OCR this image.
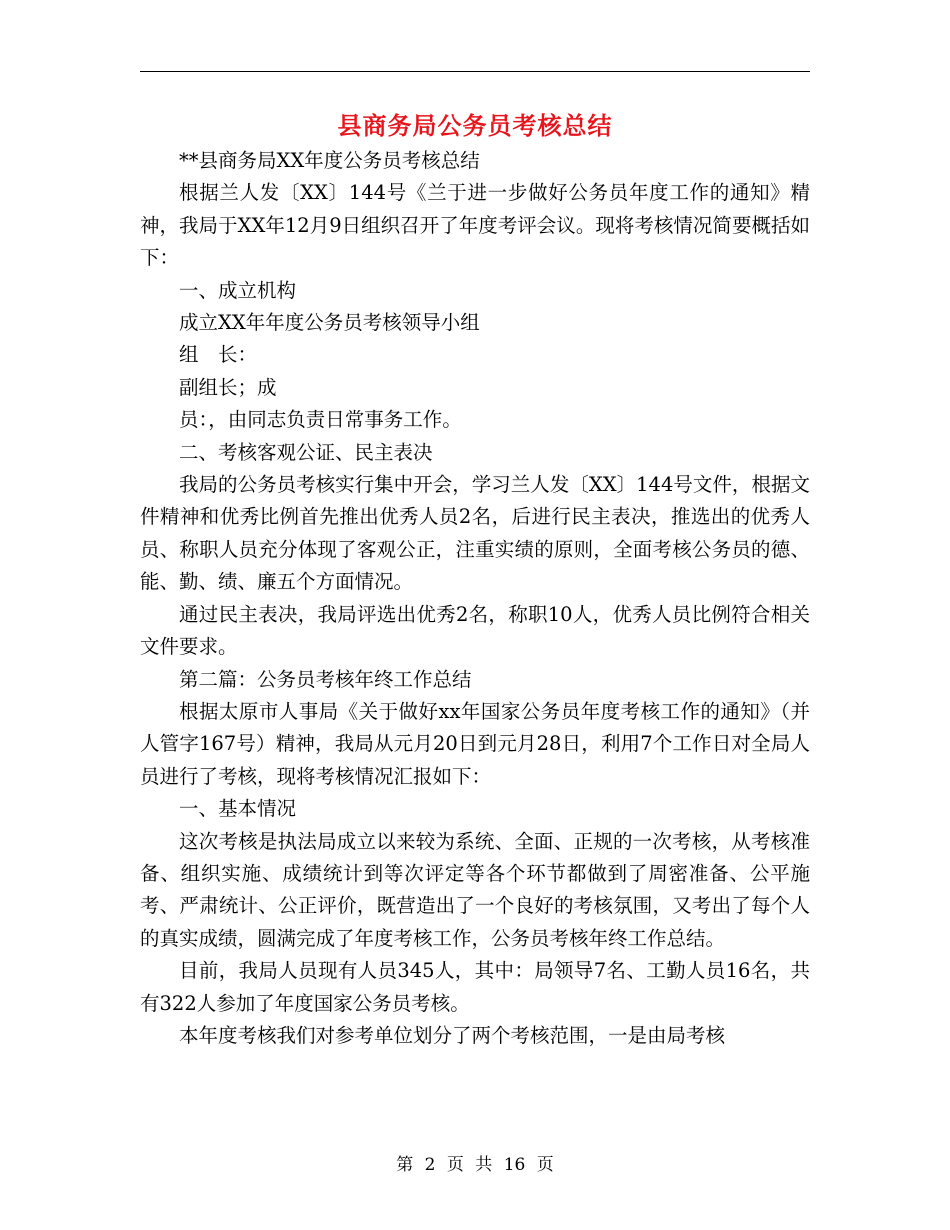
县商务局公务员考核总结

**县商务局XX年度公务员考核总结

根据兰人发〔XX〕144号《兰于进一步做好公务员年度工作的通知》精神，我局于XX年12月9日组织召开了年度考评会议。现将考核情况简要概括如下：

一、成立机构

成立XX年年度公务员考核领导小组

组　长：

副组长；成

员：，由同志负责日常事务工作。

二、考核客观公证、民主表决

我局的公务员考核实行集中开会，学习兰人发〔XX〕144号文件，根据文件精神和优秀比例首先推出优秀人员2名，后进行民主表决，推选出的优秀人员、称职人员充分体现了客观公正，注重实绩的原则，全面考核公务员的德、能、勤、绩、廉五个方面情况。

通过民主表决，我局评选出优秀2名，称职10人，优秀人员比例符合相关文件要求。

第二篇：公务员考核年终工作总结

根据太原市人事局《关于做好xx年国家公务员年度考核工作的通知》（并人管字167号）精神，我局从元月20日到元月28日，利用7个工作日对全局人员进行了考核，现将考核情况汇报如下：

一、基本情况

这次考核是执法局成立以来较为系统、全面、正规的一次考核，从考核准备、组织实施、成绩统计到等次评定等各个环节都做到了周密准备、公平施考、严肃统计、公正评价，既营造出了一个良好的考核氛围，又考出了每个人的真实成绩，圆满完成了年度考核工作，公务员考核年终工作总结。

目前，我局人员现有人员345人，其中：局领导7名、工勤人员16名，共有322人参加了年度国家公务员考核。

本年度考核我们对参考单位划分了两个考核范围，一是由局考核

第 2 页 共 16 页
